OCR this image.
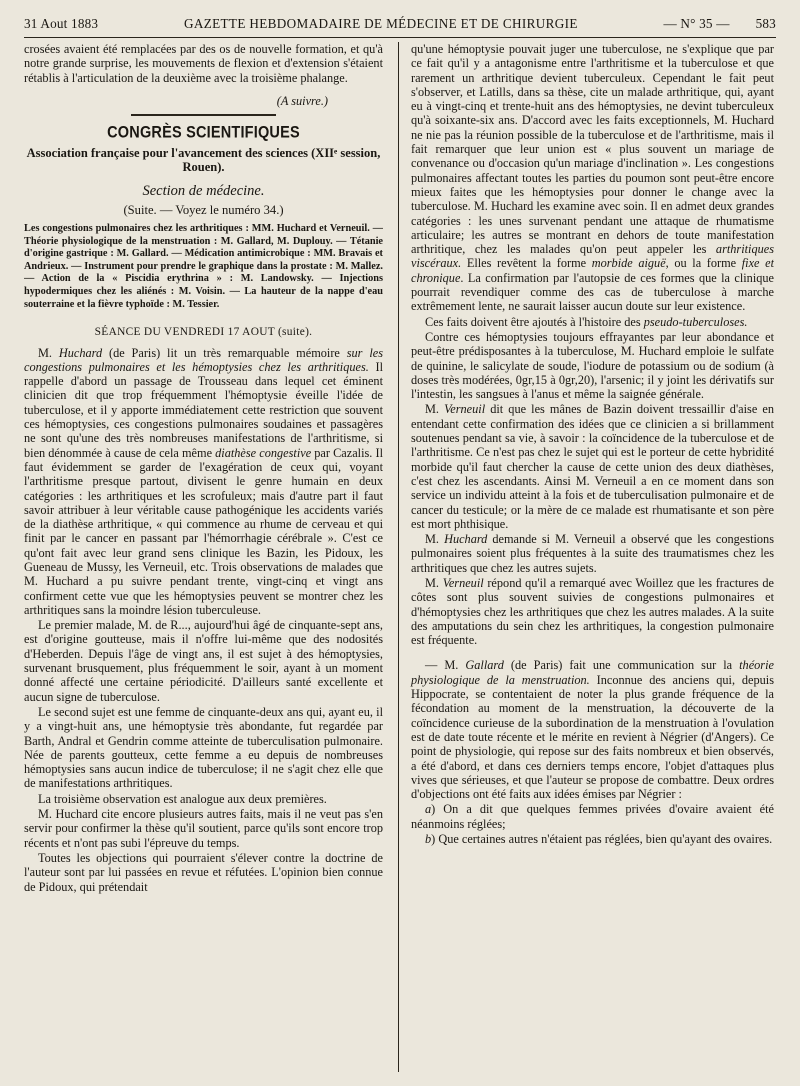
31 Aout 1883	GAZETTE HEBDOMADAIRE DE MÉDECINE ET DE CHIRURGIE	— N° 35 — 583

crosées avaient été remplacées par des os de nouvelle formation, et qu'à notre grande surprise, les mouvements de flexion et d'extension s'étaient rétablis à l'articulation de la deuxième avec la troisième phalange.

(A suivre.)
CONGRÈS SCIENTIFIQUES
Association française pour l'avancement des sciences (XIIᵉ session, Rouen).
Section de médecine.
(Suite. — Voyez le numéro 34.)
Les congestions pulmonaires chez les arthritiques : MM. Huchard et Verneuil. — Théorie physiologique de la menstruation : M. Gallard, M. Duplouy. — Tétanie d'origine gastrique : M. Gallard. — Médication antimicrobique : MM. Bravais et Andrieux. — Instrument pour prendre le graphique dans la prostate : M. Mallez. — Action de la « Piscidia erythrina » : M. Landowsky. — Injections hypodermiques chez les aliénés : M. Voisin. — La hauteur de la nappe d'eau souterraine et la fièvre typhoïde : M. Tessier.
SÉANCE DU VENDREDI 17 AOUT (suite).

M. Huchard (de Paris) lit un très remarquable mémoire sur les congestions pulmonaires et les hémoptysies chez les arthritiques. Il rappelle d'abord un passage de Trousseau dans lequel cet éminent clinicien dit que trop fréquemment l'hémoptysie éveille l'idée de tuberculose, et il y apporte immédiatement cette restriction que souvent ces hémoptysies, ces congestions pulmonaires soudaines et passagères ne sont qu'une des très nombreuses manifestations de l'arthritisme, si bien dénommée à cause de cela même diathèse congestive par Cazalis. Il faut évidemment se garder de l'exagération de ceux qui, voyant l'arthritisme presque partout, divisent le genre humain en deux catégories : les arthritiques et les scrofuleux; mais d'autre part il faut savoir attribuer à leur véritable cause pathogénique les accidents variés de la diathèse arthritique, « qui commence au rhume de cerveau et qui finit par le cancer en passant par l'hémorrhagie cérébrale ». C'est ce qu'ont fait avec leur grand sens clinique les Bazin, les Pidoux, les Gueneau de Mussy, les Verneuil, etc. Trois observations de malades que M. Huchard a pu suivre pendant trente, vingt-cinq et vingt ans confirment cette vue que les hémoptysies peuvent se montrer chez les arthritiques sans la moindre lésion tuberculeuse.

Le premier malade, M. de R..., aujourd'hui âgé de cinquante-sept ans, est d'origine goutteuse, mais il n'offre lui-même que des nodosités d'Heberden. Depuis l'âge de vingt ans, il est sujet à des hémoptysies, survenant brusquement, plus fréquemment le soir, ayant à un moment donné affecté une certaine périodicité. D'ailleurs santé excellente et aucun signe de tuberculose.

Le second sujet est une femme de cinquante-deux ans qui, ayant eu, il y a vingt-huit ans, une hémoptysie très abondante, fut regardée par Barth, Andral et Gendrin comme atteinte de tuberculisation pulmonaire. Née de parents goutteux, cette femme a eu depuis de nombreuses hémoptysies sans aucun indice de tuberculose; il ne s'agit chez elle que de manifestations arthritiques.

La troisième observation est analogue aux deux premières.

M. Huchard cite encore plusieurs autres faits, mais il ne veut pas s'en servir pour confirmer la thèse qu'il soutient, parce qu'ils sont encore trop récents et n'ont pas subi l'épreuve du temps.

Toutes les objections qui pourraient s'élever contre la doctrine de l'auteur sont par lui passées en revue et réfutées. L'opinion bien connue de Pidoux, qui prétendait

qu'une hémoptysie pouvait juger une tuberculose, ne s'explique que par ce fait qu'il y a antagonisme entre l'arthritisme et la tuberculose et que rarement un arthritique devient tuberculeux. Cependant le fait peut s'observer, et Latills, dans sa thèse, cite un malade arthritique, qui, ayant eu à vingt-cinq et trente-huit ans des hémoptysies, ne devint tuberculeux qu'à soixante-six ans. D'accord avec les faits exceptionnels, M. Huchard ne nie pas la réunion possible de la tuberculose et de l'arthritisme, mais il fait remarquer que leur union est « plus souvent un mariage de convenance ou d'occasion qu'un mariage d'inclination ». Les congestions pulmonaires affectant toutes les parties du poumon sont peut-être encore mieux faites que les hémoptysies pour donner le change avec la tuberculose. M. Huchard les examine avec soin. Il en admet deux grandes catégories : les unes survenant pendant une attaque de rhumatisme articulaire; les autres se montrant en dehors de toute manifestation arthritique, chez les malades qu'on peut appeler les arthritiques viscéraux. Elles revêtent la forme morbide aiguë, ou la forme fixe et chronique. La confirmation par l'autopsie de ces formes que la clinique pourrait revendiquer comme des cas de tuberculose à marche extrêmement lente, ne saurait laisser aucun doute sur leur existence.

Ces faits doivent être ajoutés à l'histoire des pseudo-tuberculoses.

Contre ces hémoptysies toujours effrayantes par leur abondance et peut-être prédisposantes à la tuberculose, M. Huchard emploie le sulfate de quinine, le salicylate de soude, l'iodure de potassium ou de sodium (à doses très modérées, 0gr,15 à 0gr,20), l'arsenic; il y joint les dérivatifs sur l'intestin, les sangsues à l'anus et même la saignée générale.

M. Verneuil dit que les mânes de Bazin doivent tressaillir d'aise en entendant cette confirmation des idées que ce clinicien a si brillamment soutenues pendant sa vie, à savoir : la coïncidence de la tuberculose et de l'arthritisme. Ce n'est pas chez le sujet qui est le porteur de cette hybridité morbide qu'il faut chercher la cause de cette union des deux diathèses, c'est chez les ascendants. Ainsi M. Verneuil a en ce moment dans son service un individu atteint à la fois et de tuberculisation pulmonaire et de cancer du testicule; or la mère de ce malade est rhumatisante et son père est mort phthisique.

M. Huchard demande si M. Verneuil a observé que les congestions pulmonaires soient plus fréquentes à la suite des traumatismes chez les arthritiques que chez les autres sujets.

M. Verneuil répond qu'il a remarqué avec Woillez que les fractures de côtes sont plus souvent suivies de congestions pulmonaires et d'hémoptysies chez les arthritiques que chez les autres malades. A la suite des amputations du sein chez les arthritiques, la congestion pulmonaire est fréquente.

— M. Gallard (de Paris) fait une communication sur la théorie physiologique de la menstruation. Inconnue des anciens qui, depuis Hippocrate, se contentaient de noter la plus grande fréquence de la fécondation au moment de la menstruation, la découverte de la coïncidence curieuse de la subordination de la menstruation à l'ovulation est de date toute récente et le mérite en revient à Négrier (d'Angers). Ce point de physiologie, qui repose sur des faits nombreux et bien observés, a été d'abord, et dans ces derniers temps encore, l'objet d'attaques plus vives que sérieuses, et que l'auteur se propose de combattre. Deux ordres d'objections ont été faits aux idées émises par Négrier :

a) On a dit que quelques femmes privées d'ovaire avaient été néanmoins réglées;

b) Que certaines autres n'étaient pas réglées, bien qu'ayant des ovaires.
